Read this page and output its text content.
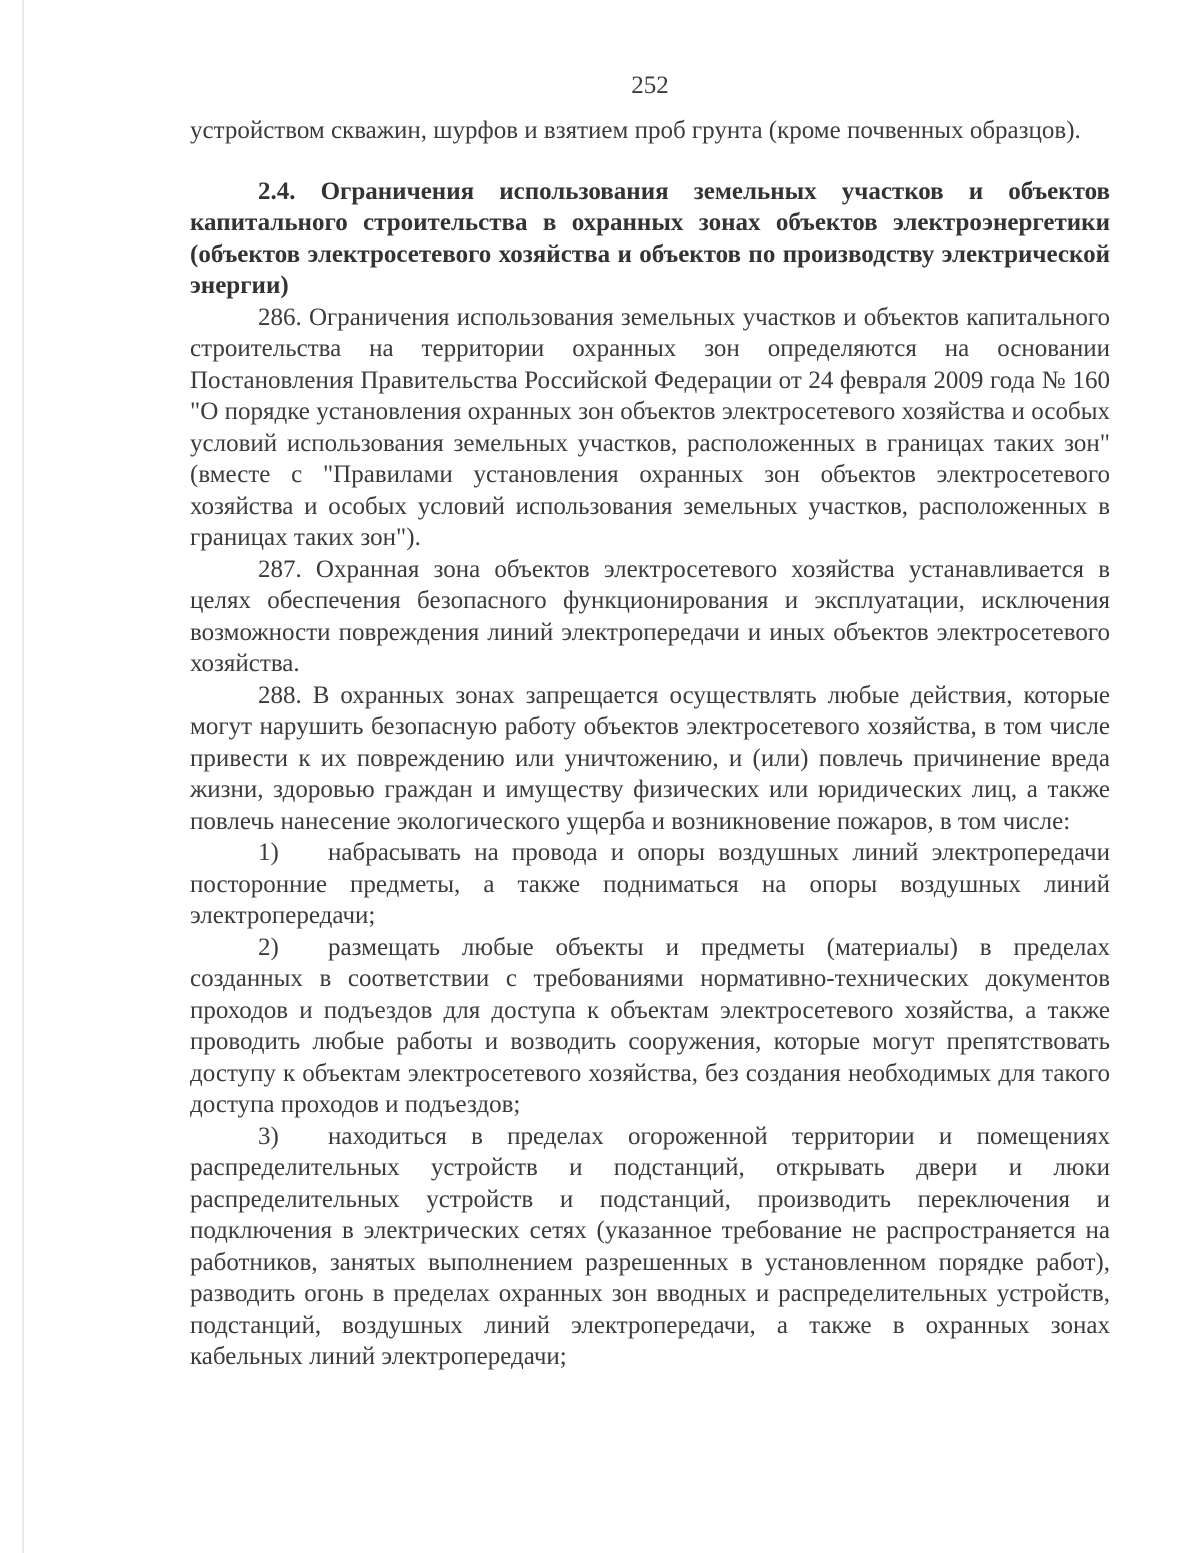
252

устройством скважин, шурфов и взятием проб грунта (кроме почвенных образцов).

2.4. Ограничения использования земельных участков и объектов капитального строительства в охранных зонах объектов электроэнергетики (объектов электросетевого хозяйства и объектов по производству электрической энергии)

286. Ограничения использования земельных участков и объектов капитального строительства на территории охранных зон определяются на основании Постановления Правительства Российской Федерации от 24 февраля 2009 года № 160 "О порядке установления охранных зон объектов электросетевого хозяйства и особых условий использования земельных участков, расположенных в границах таких зон" (вместе с "Правилами установления охранных зон объектов электросетевого хозяйства и особых условий использования земельных участков, расположенных в границах таких зон").

287. Охранная зона объектов электросетевого хозяйства устанавливается в целях обеспечения безопасного функционирования и эксплуатации, исключения возможности повреждения линий электропередачи и иных объектов электросетевого хозяйства.

288. В охранных зонах запрещается осуществлять любые действия, которые могут нарушить безопасную работу объектов электросетевого хозяйства, в том числе привести к их повреждению или уничтожению, и (или) повлечь причинение вреда жизни, здоровью граждан и имуществу физических или юридических лиц, а также повлечь нанесение экологического ущерба и возникновение пожаров, в том числе:

1) набрасывать на провода и опоры воздушных линий электропередачи посторонние предметы, а также подниматься на опоры воздушных линий электропередачи;

2) размещать любые объекты и предметы (материалы) в пределах созданных в соответствии с требованиями нормативно-технических документов проходов и подъездов для доступа к объектам электросетевого хозяйства, а также проводить любые работы и возводить сооружения, которые могут препятствовать доступу к объектам электросетевого хозяйства, без создания необходимых для такого доступа проходов и подъездов;

3) находиться в пределах огороженной территории и помещениях распределительных устройств и подстанций, открывать двери и люки распределительных устройств и подстанций, производить переключения и подключения в электрических сетях (указанное требование не распространяется на работников, занятых выполнением разрешенных в установленном порядке работ), разводить огонь в пределах охранных зон вводных и распределительных устройств, подстанций, воздушных линий электропередачи, а также в охранных зонах кабельных линий электропередачи;
